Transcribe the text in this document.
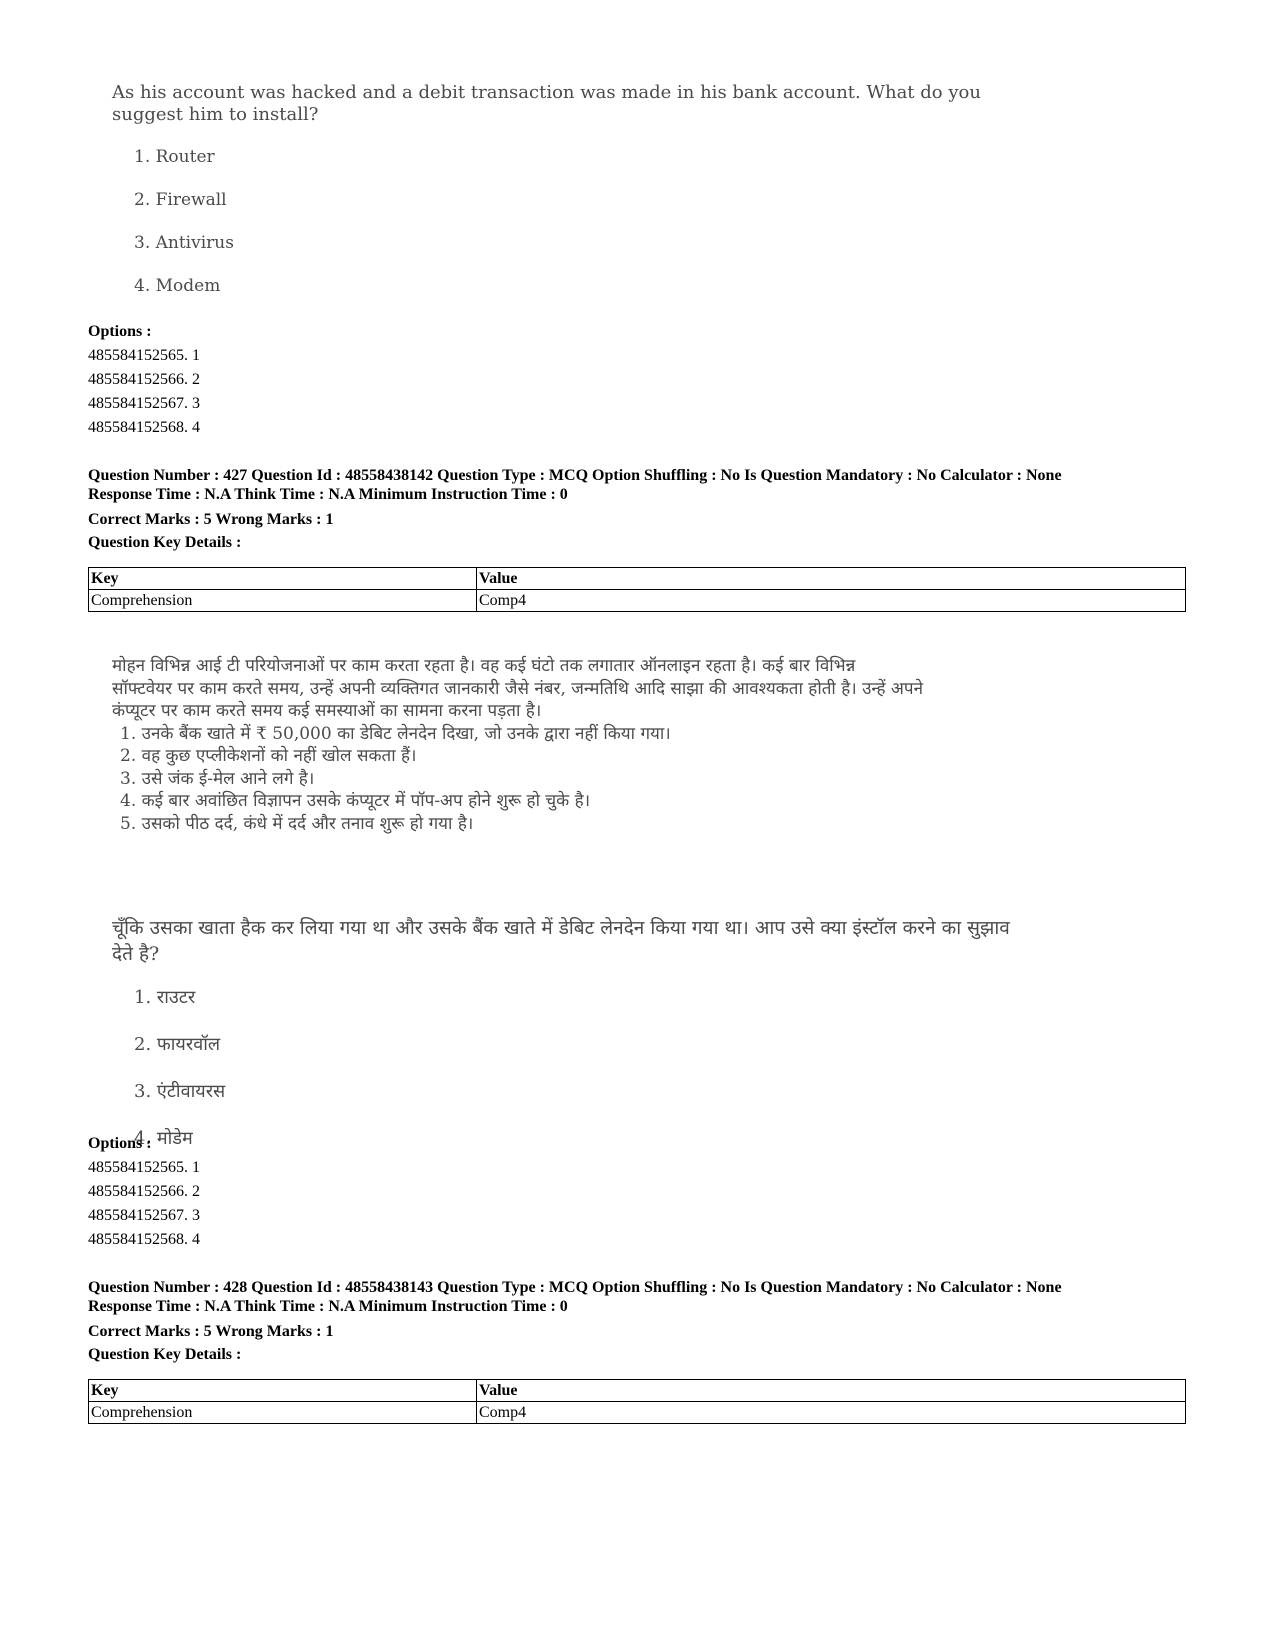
As his account was hacked and a debit transaction was made in his bank account. What do you suggest him to install?
1. Router
2. Firewall
3. Antivirus
4. Modem
Options :
485584152565. 1
485584152566. 2
485584152567. 3
485584152568. 4
Question Number : 427 Question Id : 48558438142 Question Type : MCQ Option Shuffling : No Is Question Mandatory : No Calculator : None
Response Time : N.A Think Time : N.A Minimum Instruction Time : 0
Correct Marks : 5 Wrong Marks : 1
Question Key Details :
Key	Value
Comprehension	Comp4
मोहन विभिन्न आई टी परियोजनाओं पर काम करता रहता है। वह कई घंटो तक लगातार ऑनलाइन रहता है। कई बार विभिन्न
सॉफ्टवेयर पर काम करते समय, उन्हें अपनी व्यक्तिगत जानकारी जैसे नंबर, जन्मतिथि आदि साझा की आवश्यकता होती है। उन्हें अपने
कंप्यूटर पर काम करते समय कई समस्याओं का सामना करना पड़ता है।
1. उनके बैंक खाते में ₹ 50,000 का डेबिट लेनदेन दिखा, जो उनके द्वारा नहीं किया गया।
2. वह कुछ एप्लीकेशनों को नहीं खोल सकता हैं।
3. उसे जंक ई-मेल आने लगे है।
4. कई बार अवांछित विज्ञापन उसके कंप्यूटर में पॉप-अप होने शुरू हो चुके है।
5. उसको पीठ दर्द, कंधे में दर्द और तनाव शुरू हो गया है।
चूँकि उसका खाता हैक कर लिया गया था और उसके बैंक खाते में डेबिट लेनदेन किया गया था। आप उसे क्या इंस्टॉल करने का सुझाव देते है?
1. राउटर
2. फायरवॉल
3. एंटीवायरस
4. मोडेम
Options :
485584152565. 1
485584152566. 2
485584152567. 3
485584152568. 4
Question Number : 428 Question Id : 48558438143 Question Type : MCQ Option Shuffling : No Is Question Mandatory : No Calculator : None
Response Time : N.A Think Time : N.A Minimum Instruction Time : 0
Correct Marks : 5 Wrong Marks : 1
Question Key Details :
Key	Value
Comprehension	Comp4
